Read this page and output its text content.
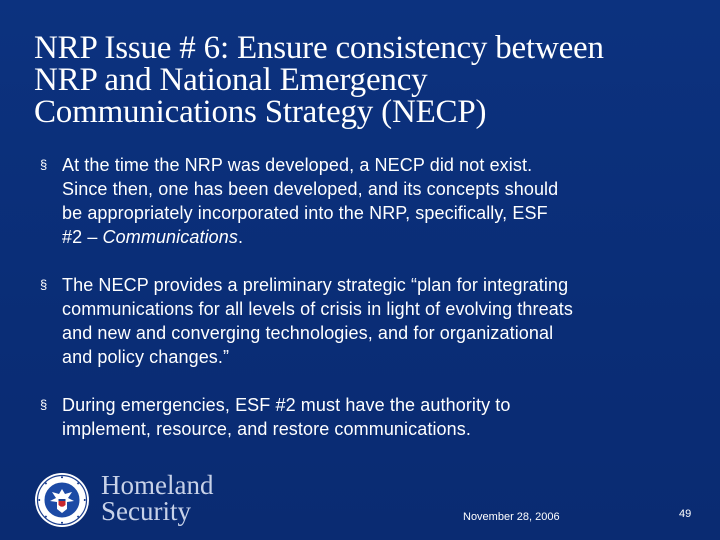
NRP Issue # 6: Ensure consistency between
NRP and National Emergency
Communications Strategy (NECP)
§ At the time the NRP was developed, a NECP did not exist.
Since then, one has been developed, and its concepts should
be appropriately incorporated into the NRP, specifically, ESF
#2 – Communications.
§ The NECP provides a preliminary strategic “plan for integrating
communications for all levels of crisis in light of evolving threats
and new and converging technologies, and for organizational
and policy changes.”
§ During emergencies, ESF #2 must have the authority to
implement, resource, and restore communications.
Homeland
Security	November 28, 2006	49
